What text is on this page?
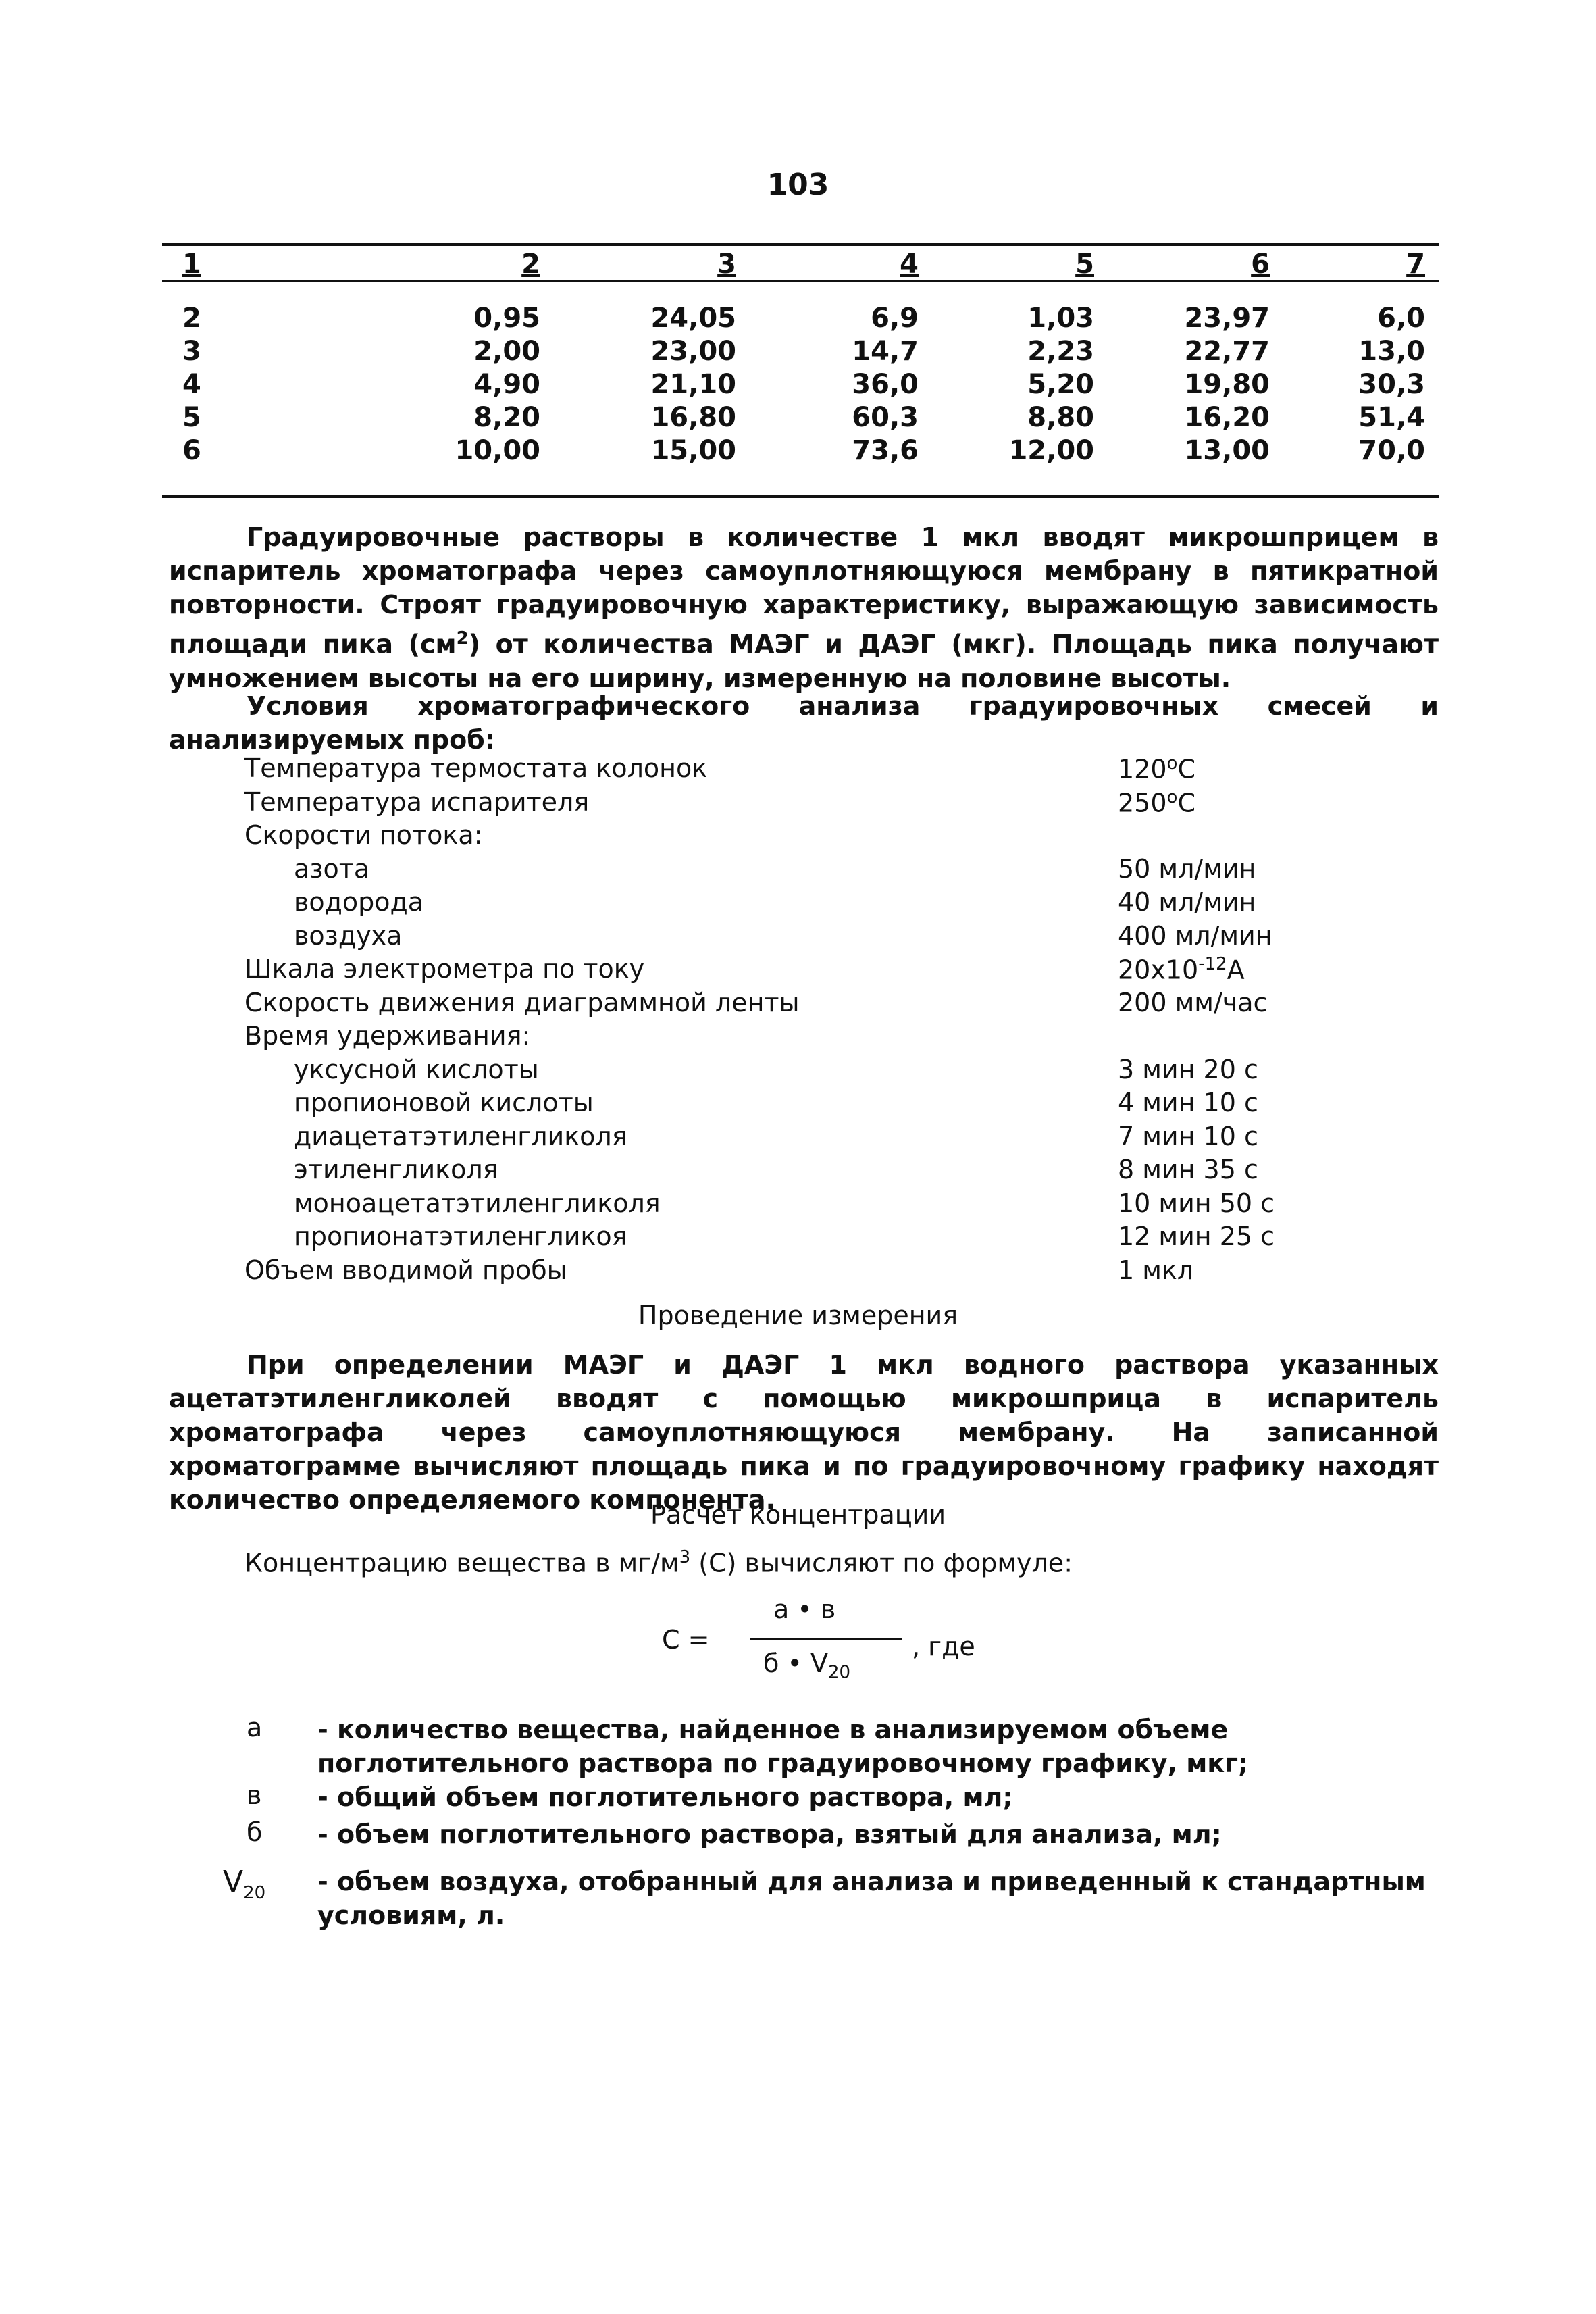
103
1	2	3	4	5	6	7
2	0,95	24,05	6,9	1,03	23,97	6,0
3	2,00	23,00	14,7	2,23	22,77	13,0
4	4,90	21,10	36,0	5,20	19,80	30,3
5	8,20	16,80	60,3	8,80	16,20	51,4
6	10,00	15,00	73,6	12,00	13,00	70,0
Градуировочные растворы в количестве 1 мкл вводят микрошприцем в испаритель хроматографа через самоуплотняющуюся мембрану в пятикратной повторности. Строят градуировочную характеристику, выражающую зависимость площади пика $(см^2)$ от количества МАЭГ и ДАЭГ (мкг). Площадь пика получают умножением высоты на его ширину, измеренную на половине высоты.
Условия хроматографического анализа градуировочных смесей и анализируемых проб:
Температура термостата колонок	$120^оС$
Температура испарителя	$250^оС$
Скорости потока:
азота	50 мл/мин
водорода	40 мл/мин
воздуха	400 мл/мин
Шкала электрометра по току	$20х10^{-12}А$
Скорость движения диаграммной ленты	200 мм/час
Время удерживания:
уксусной кислоты	3 мин 20 с
пропионовой кислоты	4 мин 10 с
диацетатэтиленгликоля	7 мин 10 с
этиленгликоля	8 мин 35 с
моноацетатэтиленгликоля	10 мин 50 с
пропионатэтиленгликоя	12 мин 25 с
Объем вводимой пробы	1 мкл
Проведение измерения
При определении МАЭГ и ДАЭГ 1 мкл водного раствора указанных ацетатэтиленгликолей вводят с помощью микрошприца в испаритель хроматографа через самоуплотняющуюся мембрану. На записанной хроматограмме вычисляют площадь пика и по градуировочному графику находят количество определяемого компонента.
Расчет концентрации
Концентрацию вещества в $мг/м^3$ (С) вычисляют по формуле:
С =
а • в
б • $V_{20}$
, где
а - количество вещества, найденное в анализируемом объеме поглотительного раствора по градуировочному графику, мкг;
в - общий объем поглотительного раствора, мл;
б - объем поглотительного раствора, взятый для анализа, мл;
$V_{20}$ - объем воздуха, отобранный для анализа и приведенный к стандартным условиям, л.
